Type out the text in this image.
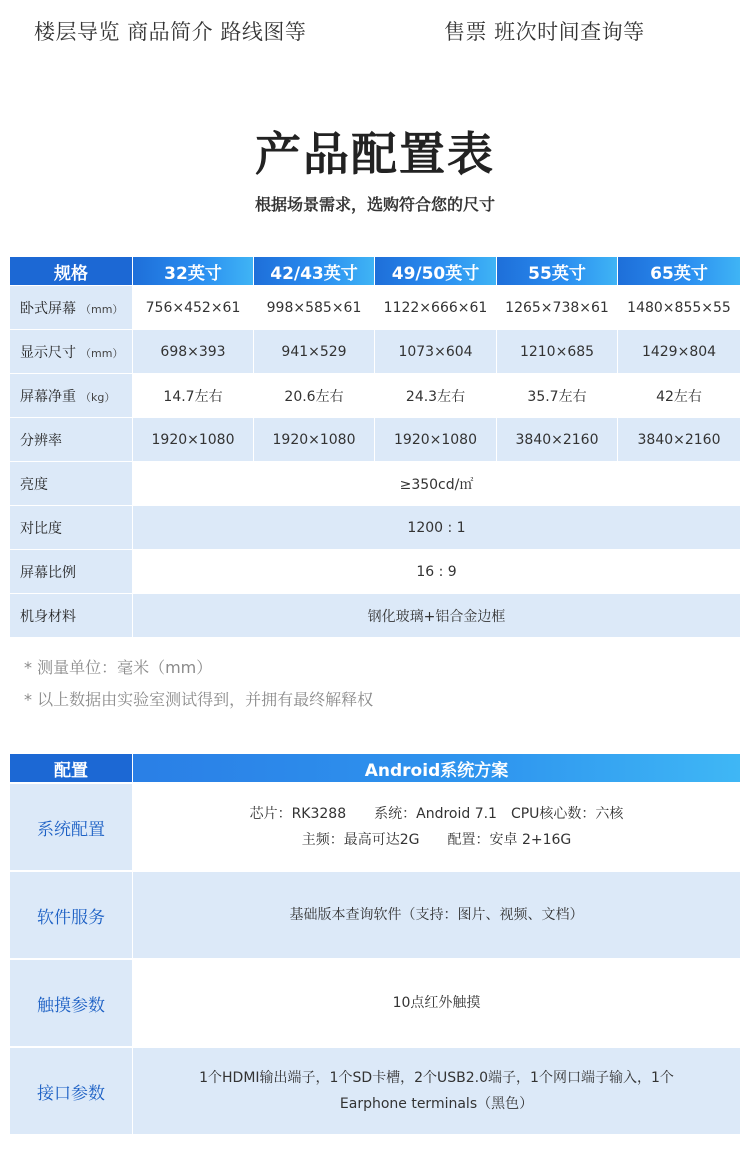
楼层导览 商品简介 路线图等	售票 班次时间查询等
产品配置表
根据场景需求，选购符合您的尺寸
规格	32英寸	42/43英寸	49/50英寸	55英寸	65英寸
卧式屏幕 （mm）	756×452×61	998×585×61	1122×666×61	1265×738×61	1480×855×55
显示尺寸 （mm）	698×393	941×529	1073×604	1210×685	1429×804
屏幕净重 （kg）	14.7左右	20.6左右	24.3左右	35.7左右	42左右
分辨率	1920×1080	1920×1080	1920×1080	3840×2160	3840×2160
亮度	≥350cd/㎡				
对比度	1200 : 1				
屏幕比例	16 : 9				
机身材料	钢化玻璃+铝合金边框				
* 测量单位：毫米（mm）
* 以上数据由实验室测试得到，并拥有最终解释权
配置	Android系统方案
系统配置	芯片：RK3288　　系统：Android 7.1　CPU核心数：六核
主频：最高可达2G　　配置：安卓 2+16G

软件服务	基础版本查询软件（支持：图片、视频、文档）

触摸参数	10点红外触摸

接口参数	1个HDMI输出端子，1个SD卡槽，2个USB2.0端子，1个网口端子输入，1个
Earphone terminals（黑色）
